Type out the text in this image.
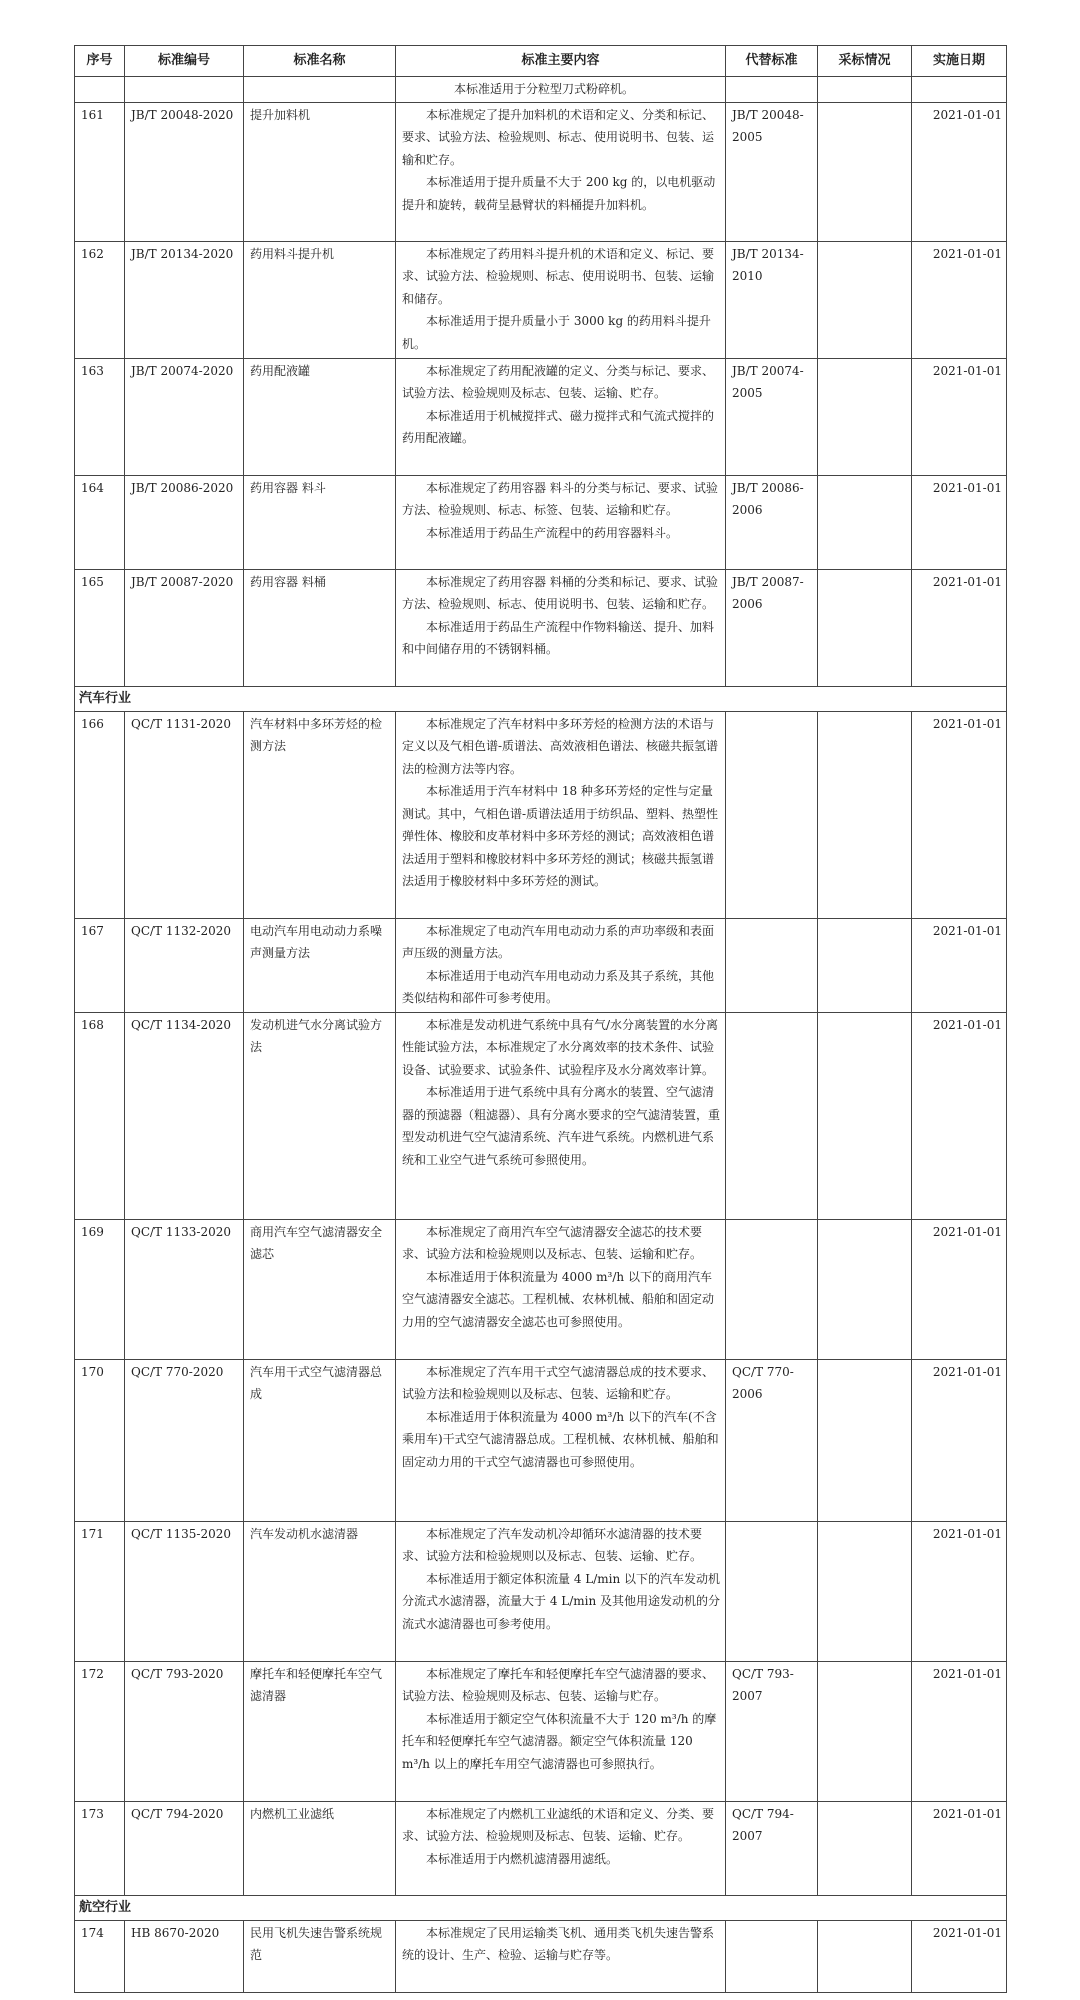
序号	标准编号	标准名称	标准主要内容	代替标准	采标情况	实施日期
			本标准适用于分粒型刀式粉碎机。			
161	JB/T 20048-2020	提升加料机	本标准规定了提升加料机的术语和定义、分类和标记、要求、试验方法、检验规则、标志、使用说明书、包装、运输和贮存。

本标准适用于提升质量不大于 200 kg 的，以电机驱动提升和旋转，载荷呈悬臂状的料桶提升加料机。	JB/T 20048-2005		2021-01-01
162	JB/T 20134-2020	药用料斗提升机	本标准规定了药用料斗提升机的术语和定义、标记、要求、试验方法、检验规则、标志、使用说明书、包装、运输和储存。

本标准适用于提升质量小于 3000 kg 的药用料斗提升机。	JB/T 20134-2010		2021-01-01
163	JB/T 20074-2020	药用配液罐	本标准规定了药用配液罐的定义、分类与标记、要求、试验方法、检验规则及标志、包装、运输、贮存。

本标准适用于机械搅拌式、磁力搅拌式和气流式搅拌的药用配液罐。	JB/T 20074-2005		2021-01-01
164	JB/T 20086-2020	药用容器 料斗	本标准规定了药用容器 料斗的分类与标记、要求、试验方法、检验规则、标志、标签、包装、运输和贮存。

本标准适用于药品生产流程中的药用容器料斗。	JB/T 20086-2006		2021-01-01
165	JB/T 20087-2020	药用容器 料桶	本标准规定了药用容器 料桶的分类和标记、要求、试验方法、检验规则、标志、使用说明书、包装、运输和贮存。

本标准适用于药品生产流程中作物料输送、提升、加料和中间储存用的不锈钢料桶。	JB/T 20087-2006		2021-01-01
汽车行业						
166	QC/T 1131-2020	汽车材料中多环芳烃的检测方法	本标准规定了汽车材料中多环芳烃的检测方法的术语与定义以及气相色谱-质谱法、高效液相色谱法、核磁共振氢谱法的检测方法等内容。

本标准适用于汽车材料中 18 种多环芳烃的定性与定量测试。其中，气相色谱-质谱法适用于纺织品、塑料、热塑性弹性体、橡胶和皮革材料中多环芳烃的测试；高效液相色谱法适用于塑料和橡胶材料中多环芳烃的测试；核磁共振氢谱法适用于橡胶材料中多环芳烃的测试。			2021-01-01
167	QC/T 1132-2020	电动汽车用电动动力系噪声测量方法	本标准规定了电动汽车用电动动力系的声功率级和表面声压级的测量方法。

本标准适用于电动汽车用电动动力系及其子系统，其他类似结构和部件可参考使用。			2021-01-01
168	QC/T 1134-2020	发动机进气水分离试验方法	本标准是发动机进气系统中具有气/水分离装置的水分离性能试验方法，本标准规定了水分离效率的技术条件、试验设备、试验要求、试验条件、试验程序及水分离效率计算。

本标准适用于进气系统中具有分离水的装置、空气滤清器的预滤器（粗滤器）、具有分离水要求的空气滤清装置，重型发动机进气空气滤清系统、汽车进气系统。内燃机进气系统和工业空气进气系统可参照使用。			2021-01-01
169	QC/T 1133-2020	商用汽车空气滤清器安全滤芯	本标准规定了商用汽车空气滤清器安全滤芯的技术要求、试验方法和检验规则以及标志、包装、运输和贮存。

本标准适用于体积流量为 4000 m³/h 以下的商用汽车空气滤清器安全滤芯。工程机械、农林机械、船舶和固定动力用的空气滤清器安全滤芯也可参照使用。			2021-01-01
170	QC/T 770-2020	汽车用干式空气滤清器总成	本标准规定了汽车用干式空气滤清器总成的技术要求、试验方法和检验规则以及标志、包装、运输和贮存。

本标准适用于体积流量为 4000 m³/h 以下的汽车(不含乘用车)干式空气滤清器总成。工程机械、农林机械、船舶和固定动力用的干式空气滤清器也可参照使用。	QC/T 770-2006		2021-01-01
171	QC/T 1135-2020	汽车发动机水滤清器	本标准规定了汽车发动机冷却循环水滤清器的技术要求、试验方法和检验规则以及标志、包装、运输、贮存。

本标准适用于额定体积流量 4 L/min 以下的汽车发动机分流式水滤清器，流量大于 4 L/min 及其他用途发动机的分流式水滤清器也可参考使用。			2021-01-01
172	QC/T 793-2020	摩托车和轻便摩托车空气滤清器	本标准规定了摩托车和轻便摩托车空气滤清器的要求、试验方法、检验规则及标志、包装、运输与贮存。

本标准适用于额定空气体积流量不大于 120 m³/h 的摩托车和轻便摩托车空气滤清器。额定空气体积流量 120 m³/h 以上的摩托车用空气滤清器也可参照执行。	QC/T 793-2007		2021-01-01
173	QC/T 794-2020	内燃机工业滤纸	本标准规定了内燃机工业滤纸的术语和定义、分类、要求、试验方法、检验规则及标志、包装、运输、贮存。

本标准适用于内燃机滤清器用滤纸。	QC/T 794-2007		2021-01-01
航空行业						
174	HB 8670-2020	民用飞机失速告警系统规范	本标准规定了民用运输类飞机、通用类飞机失速告警系统的设计、生产、检验、运输与贮存等。			2021-01-01
